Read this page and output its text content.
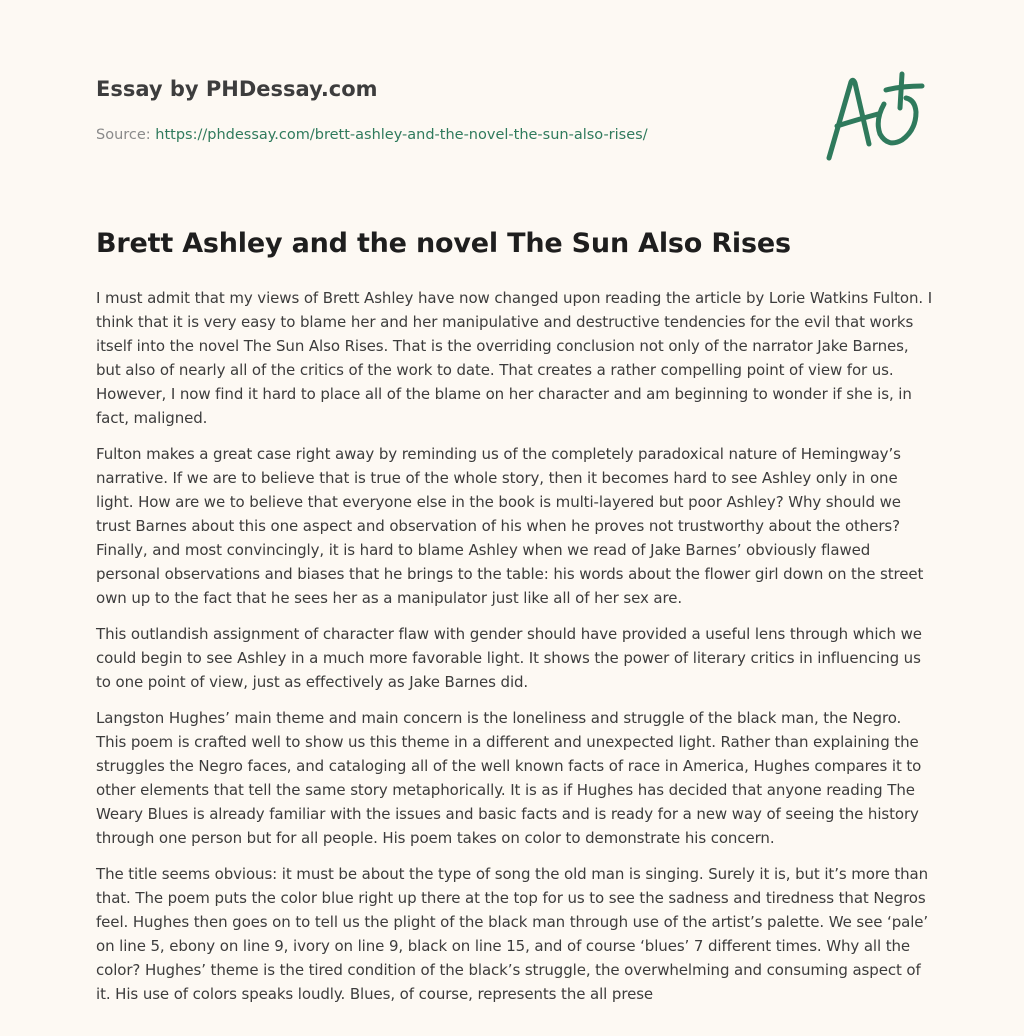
Essay by PHDessay.com
Source: https://phdessay.com/brett-ashley-and-the-novel-the-sun-also-rises/
Brett Ashley and the novel The Sun Also Rises

I must admit that my views of Brett Ashley have now changed upon reading the article by Lorie Watkins Fulton. I think that it is very easy to blame her and her manipulative and destructive tendencies for the evil that works itself into the novel The Sun Also Rises. That is the overriding conclusion not only of the narrator Jake Barnes, but also of nearly all of the critics of the work to date. That creates a rather compelling point of view for us. However, I now find it hard to place all of the blame on her character and am beginning to wonder if she is, in fact, maligned.

Fulton makes a great case right away by reminding us of the completely paradoxical nature of Hemingway’s narrative. If we are to believe that is true of the whole story, then it becomes hard to see Ashley only in one light. How are we to believe that everyone else in the book is multi-layered but poor Ashley? Why should we trust Barnes about this one aspect and observation of his when he proves not trustworthy about the others? Finally, and most convincingly, it is hard to blame Ashley when we read of Jake Barnes’ obviously flawed personal observations and biases that he brings to the table: his words about the flower girl down on the street own up to the fact that he sees her as a manipulator just like all of her sex are.

This outlandish assignment of character flaw with gender should have provided a useful lens through which we could begin to see Ashley in a much more favorable light. It shows the power of literary critics in influencing us to one point of view, just as effectively as Jake Barnes did.

Langston Hughes’ main theme and main concern is the loneliness and struggle of the black man, the Negro. This poem is crafted well to show us this theme in a different and unexpected light. Rather than explaining the struggles the Negro faces, and cataloging all of the well known facts of race in America, Hughes compares it to other elements that tell the same story metaphorically. It is as if Hughes has decided that anyone reading The Weary Blues is already familiar with the issues and basic facts and is ready for a new way of seeing the history through one person but for all people. His poem takes on color to demonstrate his concern.

The title seems obvious: it must be about the type of song the old man is singing. Surely it is, but it’s more than that. The poem puts the color blue right up there at the top for us to see the sadness and tiredness that Negros feel. Hughes then goes on to tell us the plight of the black man through use of the artist’s palette. We see ‘pale’ on line 5, ebony on line 9, ivory on line 9, black on line 15, and of course ‘blues’ 7 different times. Why all the color? Hughes’ theme is the tired condition of the black’s struggle, the overwhelming and consuming aspect of it. His use of colors speaks loudly. Blues, of course, represents the all prese
